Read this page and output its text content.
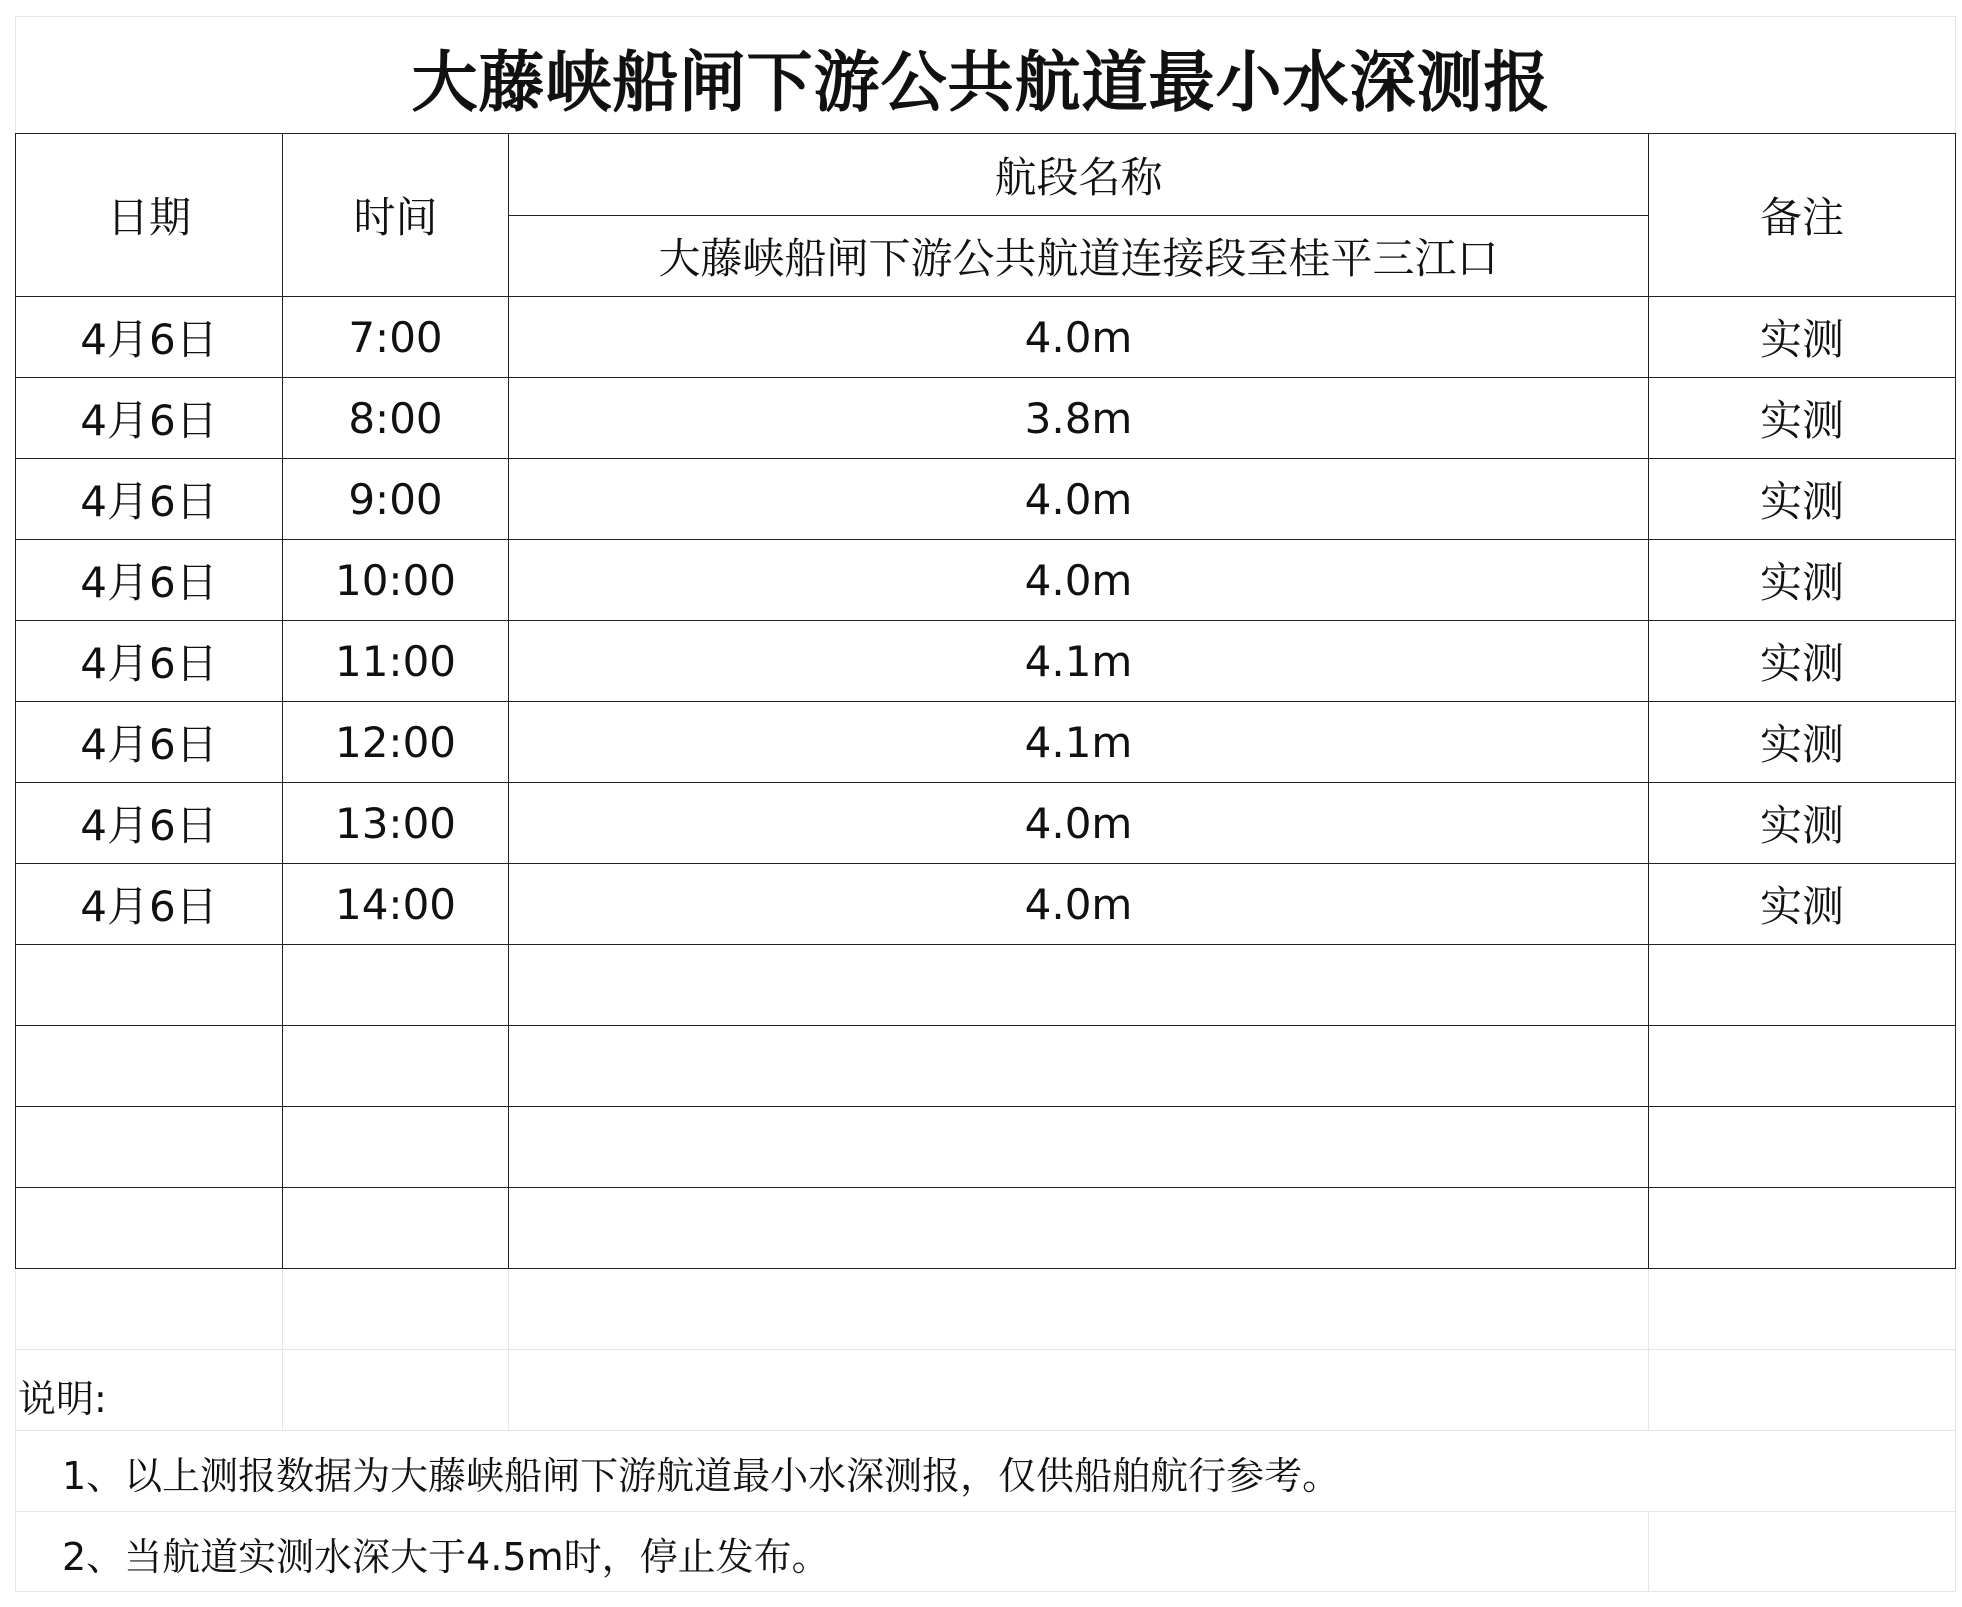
大藤峡船闸下游公共航道最小水深测报
日期	时间	航段名称	备注
		大藤峡船闸下游公共航道连接段至桂平三江口	
4月6日	7:00	4.0m	实测
4月6日	8:00	3.8m	实测
4月6日	9:00	4.0m	实测
4月6日	10:00	4.0m	实测
4月6日	11:00	4.1m	实测
4月6日	12:00	4.1m	实测
4月6日	13:00	4.0m	实测
4月6日	14:00	4.0m	实测

说明:
1、以上测报数据为大藤峡船闸下游航道最小水深测报，仅供船舶航行参考。
2、当航道实测水深大于4.5m时，停止发布。
